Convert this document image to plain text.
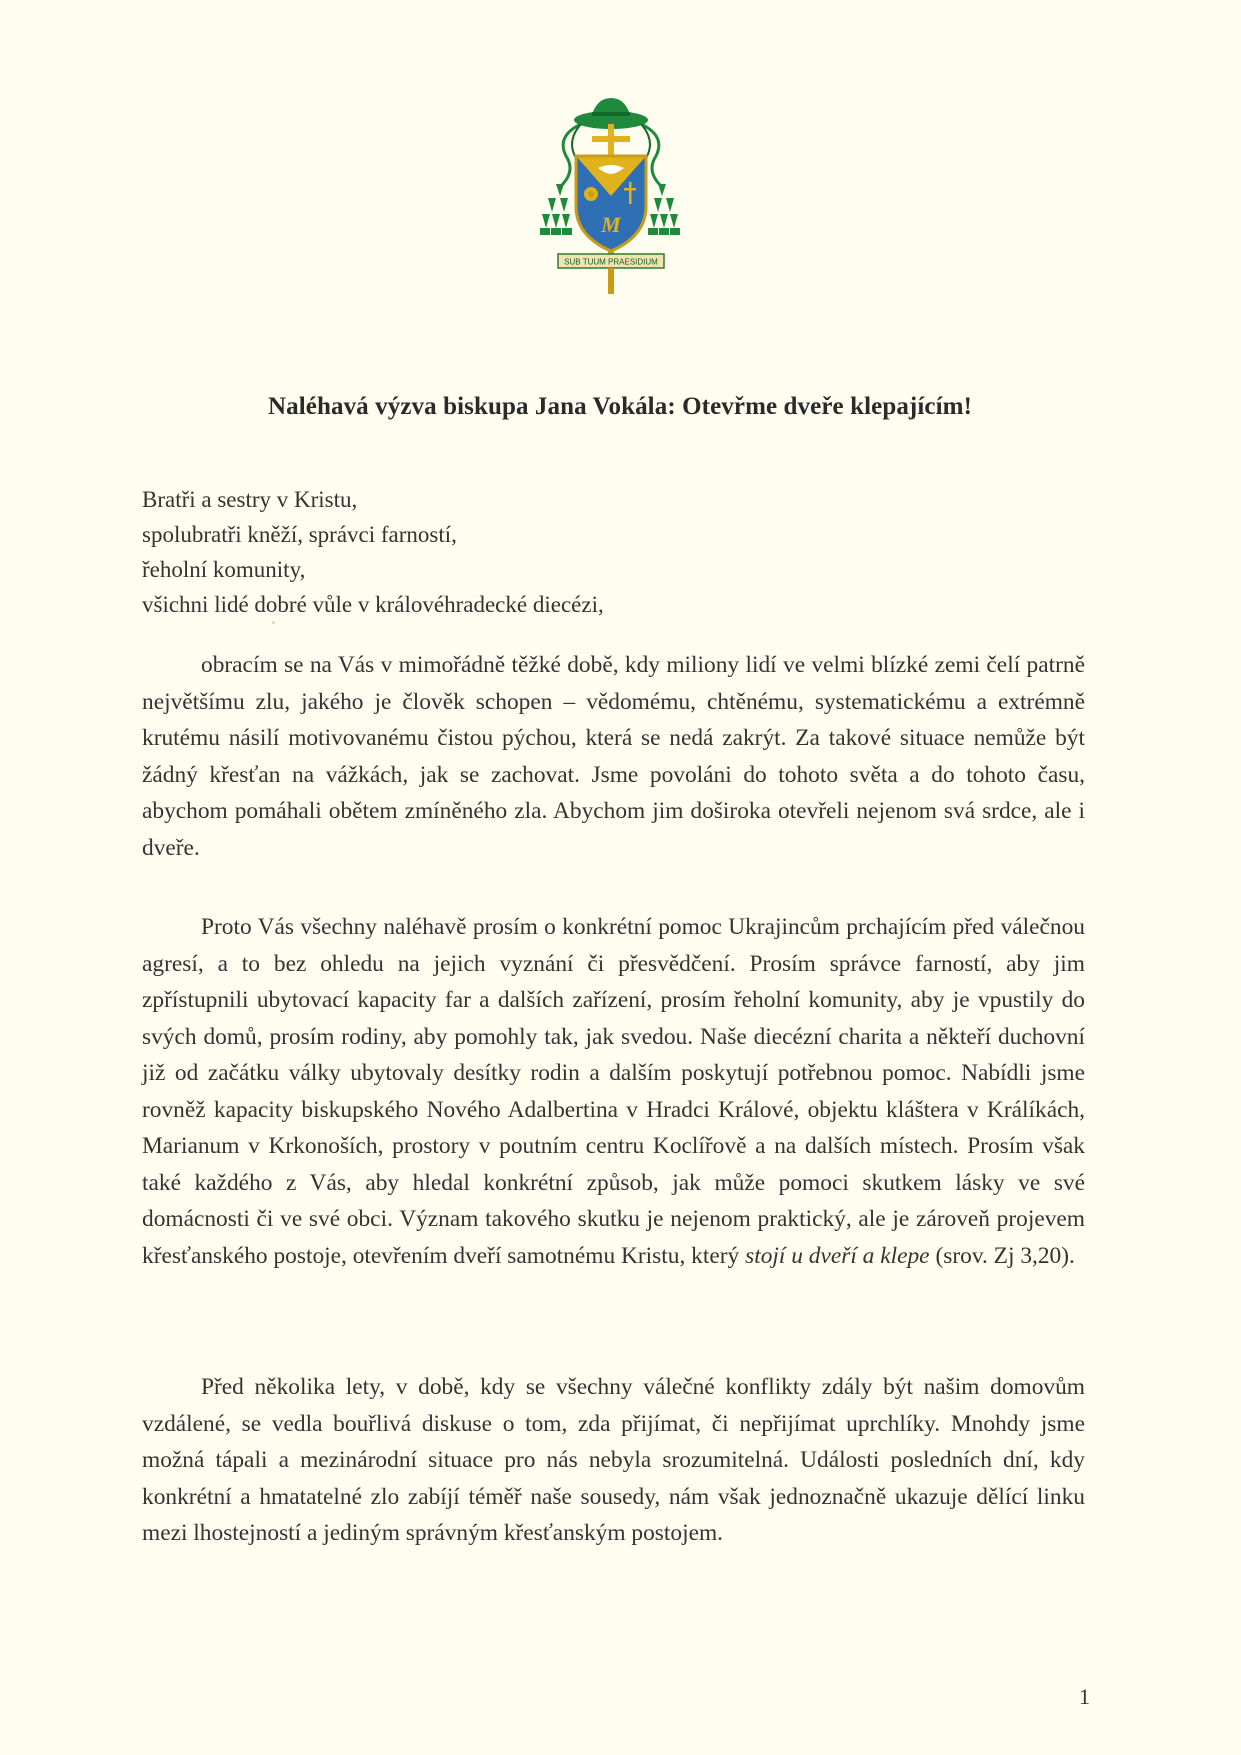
M
SUB TUUM PRAESIDIUM
Naléhavá výzva biskupa Jana Vokála: Otevřme dveře klepajícím!
Bratři a sestry v Kristu,
spolubratři kněží, správci farností,
řeholní komunity,
všichni lidé dobré vůle v královéhradecké diecézi,

obracím se na Vás v mimořádně těžké době, kdy miliony lidí ve velmi blízké zemi čelí patrně největšímu zlu, jakého je člověk schopen – vědomému, chtěnému, systematickému a extrémně krutému násilí motivovanému čistou pýchou, která se nedá zakrýt. Za takové situace nemůže být žádný křesťan na vážkách, jak se zachovat. Jsme povoláni do tohoto světa a do tohoto času, abychom pomáhali obětem zmíněného zla. Abychom jim doširoka otevřeli nejenom svá srdce, ale i dveře.

Proto Vás všechny naléhavě prosím o konkrétní pomoc Ukrajincům prchajícím před válečnou agresí, a to bez ohledu na jejich vyznání či přesvědčení. Prosím správce farností, aby jim zpřístupnili ubytovací kapacity far a dalších zařízení, prosím řeholní komunity, aby je vpustily do svých domů, prosím rodiny, aby pomohly tak, jak svedou. Naše diecézní charita a někteří duchovní již od začátku války ubytovaly desítky rodin a dalším poskytují potřebnou pomoc. Nabídli jsme rovněž kapacity biskupského Nového Adalbertina v Hradci Králové, objektu kláštera v Králíkách, Marianum v Krkonoších, prostory v poutním centru Koclířově a na dalších místech. Prosím však také každého z Vás, aby hledal konkrétní způsob, jak může pomoci skutkem lásky ve své domácnosti či ve své obci. Význam takového skutku je nejenom praktický, ale je zároveň projevem křesťanského postoje, otevřením dveří samotnému Kristu, který stojí u dveří a klepe (srov. Zj 3,20).

Před několika lety, v době, kdy se všechny válečné konflikty zdály být našim domovům vzdálené, se vedla bouřlivá diskuse o tom, zda přijímat, či nepřijímat uprchlíky. Mnohdy jsme možná tápali a mezinárodní situace pro nás nebyla srozumitelná. Události posledních dní, kdy konkrétní a hmatatelné zlo zabíjí téměř naše sousedy, nám však jednoznačně ukazuje dělící linku mezi lhostejností a jediným správným křesťanským postojem.

1
